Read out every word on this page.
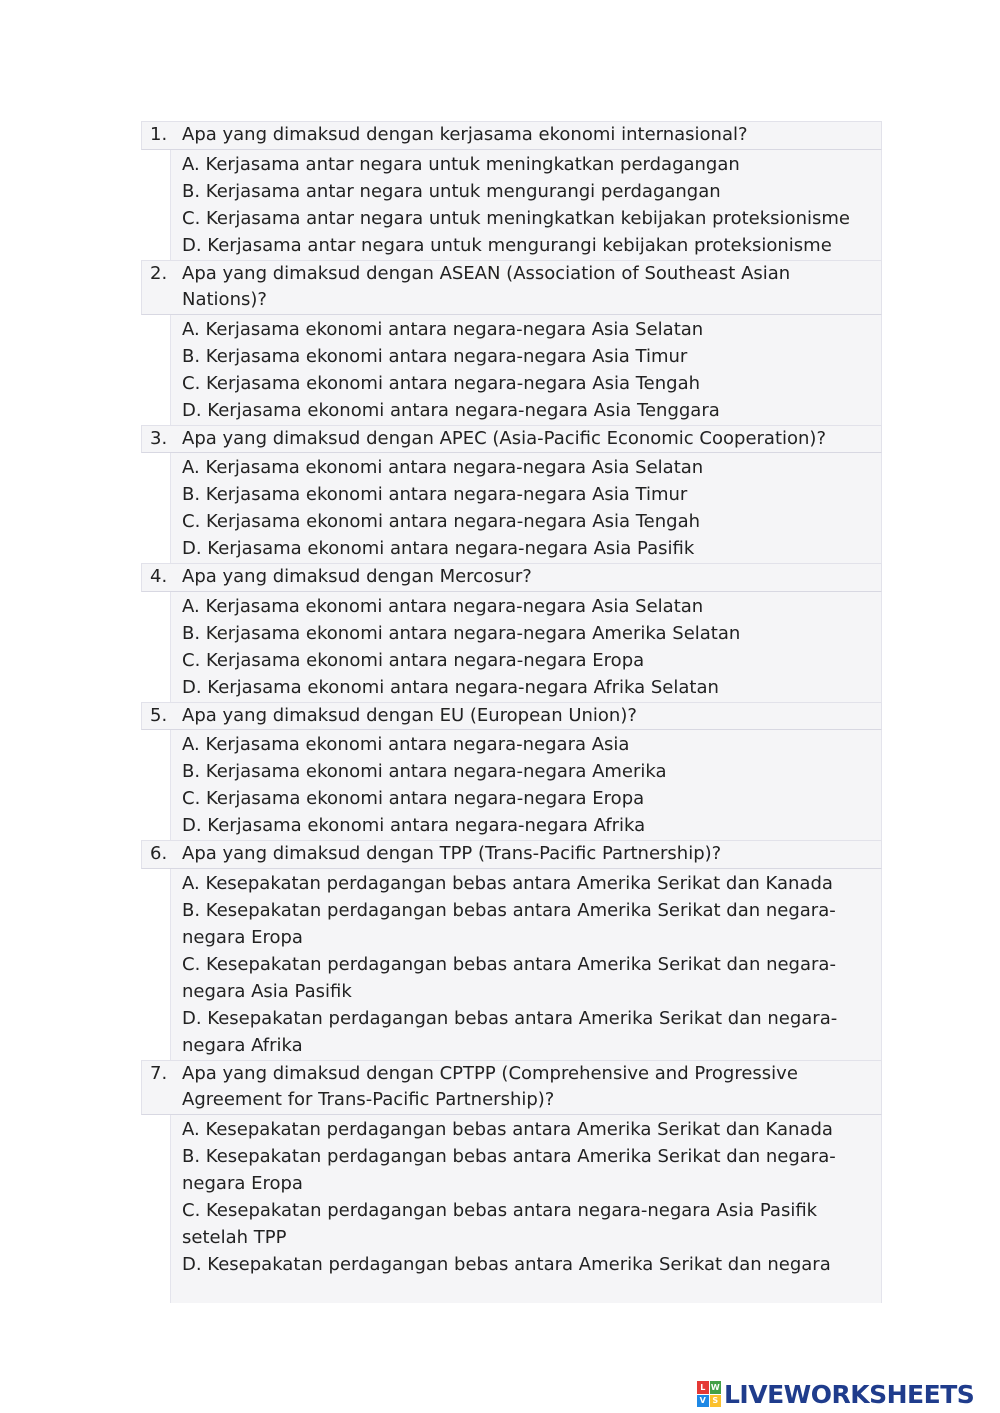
1. Apa yang dimaksud dengan kerjasama ekonomi internasional?
A. Kerjasama antar negara untuk meningkatkan perdagangan
B. Kerjasama antar negara untuk mengurangi perdagangan
C. Kerjasama antar negara untuk meningkatkan kebijakan proteksionisme
D. Kerjasama antar negara untuk mengurangi kebijakan proteksionisme
2. Apa yang dimaksud dengan ASEAN (Association of Southeast Asian Nations)?
A. Kerjasama ekonomi antara negara-negara Asia Selatan
B. Kerjasama ekonomi antara negara-negara Asia Timur
C. Kerjasama ekonomi antara negara-negara Asia Tengah
D. Kerjasama ekonomi antara negara-negara Asia Tenggara
3. Apa yang dimaksud dengan APEC (Asia-Pacific Economic Cooperation)?
A. Kerjasama ekonomi antara negara-negara Asia Selatan
B. Kerjasama ekonomi antara negara-negara Asia Timur
C. Kerjasama ekonomi antara negara-negara Asia Tengah
D. Kerjasama ekonomi antara negara-negara Asia Pasifik
4. Apa yang dimaksud dengan Mercosur?
A. Kerjasama ekonomi antara negara-negara Asia Selatan
B. Kerjasama ekonomi antara negara-negara Amerika Selatan
C. Kerjasama ekonomi antara negara-negara Eropa
D. Kerjasama ekonomi antara negara-negara Afrika Selatan
5. Apa yang dimaksud dengan EU (European Union)?
A. Kerjasama ekonomi antara negara-negara Asia
B. Kerjasama ekonomi antara negara-negara Amerika
C. Kerjasama ekonomi antara negara-negara Eropa
D. Kerjasama ekonomi antara negara-negara Afrika
6. Apa yang dimaksud dengan TPP (Trans-Pacific Partnership)?
A. Kesepakatan perdagangan bebas antara Amerika Serikat dan Kanada
B. Kesepakatan perdagangan bebas antara Amerika Serikat dan negara-negara Eropa
C. Kesepakatan perdagangan bebas antara Amerika Serikat dan negara-negara Asia Pasifik
D. Kesepakatan perdagangan bebas antara Amerika Serikat dan negara-negara Afrika
7. Apa yang dimaksud dengan CPTPP (Comprehensive and Progressive Agreement for Trans-Pacific Partnership)?
A. Kesepakatan perdagangan bebas antara Amerika Serikat dan Kanada
B. Kesepakatan perdagangan bebas antara Amerika Serikat dan negara-negara Eropa
C. Kesepakatan perdagangan bebas antara negara-negara Asia Pasifik setelah TPP
D. Kesepakatan perdagangan bebas antara Amerika Serikat dan negara
L W
V S LIVEWORKSHEETS
